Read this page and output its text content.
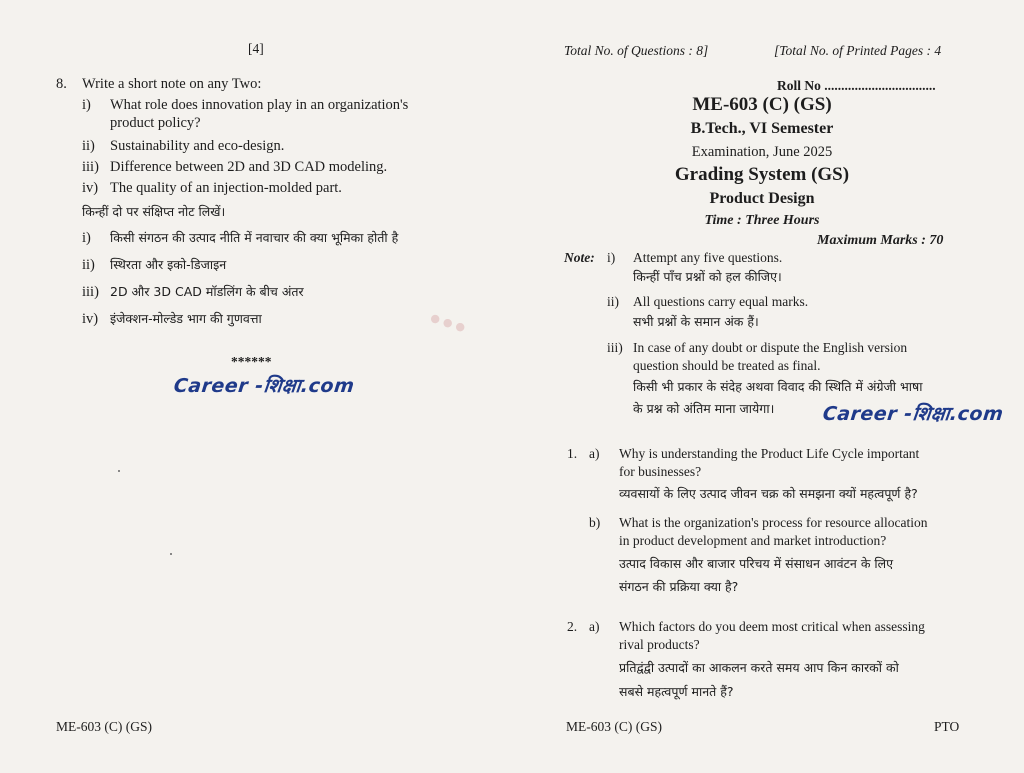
[4]
8. Write a short note on any Two:
i) What role does innovation play in an organization's
product policy?
ii) Sustainability and eco-design.
iii) Difference between 2D and 3D CAD modeling.
iv) The quality of an injection-molded part.
किन्हीं दो पर संक्षिप्त नोट लिखें।
i) किसी संगठन की उत्पाद नीति में नवाचार की क्या भूमिका होती है
ii) स्थिरता और इको-डिजाइन
iii) 2D और 3D CAD मॉडलिंग के बीच अंतर
iv) इंजेक्शन-मोल्डेड भाग की गुणवत्ता
******
Career -शिक्षा.com
● ● ●
ME-603 (C) (GS)
Total No. of Questions : 8]	[Total No. of Printed Pages : 4
Roll No .................................
ME-603 (C) (GS)
B.Tech., VI Semester
Examination, June 2025
Grading System (GS)
Product Design
Time : Three Hours
Maximum Marks : 70
Note: i) Attempt any five questions.
किन्हीं पाँच प्रश्नों को हल कीजिए।
ii) All questions carry equal marks.
सभी प्रश्नों के समान अंक हैं।
iii) In case of any doubt or dispute the English version
question should be treated as final.
किसी भी प्रकार के संदेह अथवा विवाद की स्थिति में अंग्रेजी भाषा
के प्रश्न को अंतिम माना जायेगा। Career -शिक्षा.com
1. a) Why is understanding the Product Life Cycle important
for businesses?
व्यवसायों के लिए उत्पाद जीवन चक्र को समझना क्यों महत्वपूर्ण है?
b) What is the organization's process for resource allocation
in product development and market introduction?
उत्पाद विकास और बाजार परिचय में संसाधन आवंटन के लिए
संगठन की प्रक्रिया क्या है?
2. a) Which factors do you deem most critical when assessing
rival products?
प्रतिद्वंद्वी उत्पादों का आकलन करते समय आप किन कारकों को
सबसे महत्वपूर्ण मानते हैं?
ME-603 (C) (GS)	PTO
